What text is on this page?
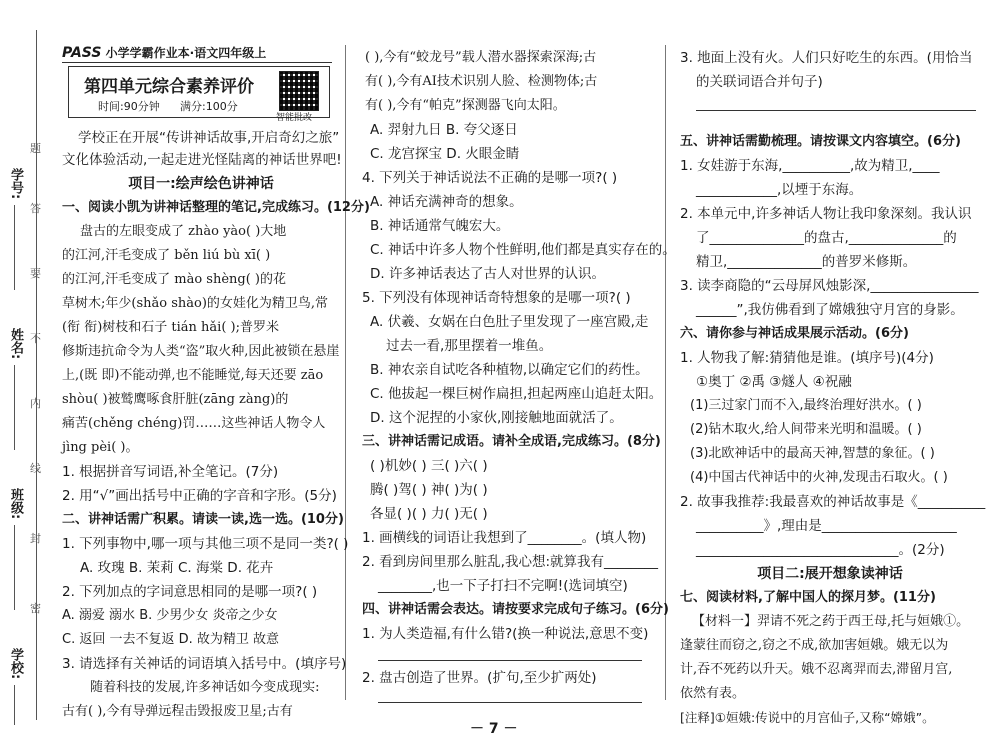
学号:
姓名:
班级:
学校:
题
答
要
不
内
线
封
密
PASS 小学学霸作业本·语文四年级上
第四单元综合素养评价
时间:90分钟 满分:100分
智能批改
学校正在开展“传讲神话故事,开启奇幻之旅”
文化体验活动,一起走进光怪陆离的神话世界吧!
项目一:绘声绘色讲神话
一、阅读小凯为讲神话整理的笔记,完成练习。(12分)
盘古的左眼变成了 zhào yào( )大地
的江河,汗毛变成了 běn liú bù xī( )
的江河,汗毛变成了 mào shèng( )的花
草树木;年少(shǎo shào)的女娃化为精卫鸟,常
(衔 衔)树枝和石子 tián hǎi( );普罗米
修斯违抗命令为人类“盗”取火种,因此被锁在悬崖
上,(既 即)不能动弹,也不能睡觉,每天还要 zāo
shòu( )被鹫鹰啄食肝脏(zāng zàng)的
痛苦(chěng chéng)罚……这些神话人物令人
jìng pèi( )。
1. 根据拼音写词语,补全笔记。(7分)
2. 用“√”画出括号中正确的字音和字形。(5分)
二、讲神话需广积累。请读一读,选一选。(10分)
1. 下列事物中,哪一项与其他三项不是同一类?( )
A. 玫瑰 B. 茉莉 C. 海棠 D. 花卉
2. 下列加点的字词意思相同的是哪一项?( )
A. 溺爱 溺水 B. 少男少女 炎帝之少女
C. 返回 一去不复返 D. 故为精卫 故意
3. 请选择有关神话的词语填入括号中。(填序号)
随着科技的发展,许多神话如今变成现实:
古有( ),今有导弹远程击毁报废卫星;古有
( ),今有“蛟龙号”载人潜水器探索深海;古
有( ),今有AI技术识别人脸、检测物体;古
有( ),今有“帕克”探测器飞向太阳。
A. 羿射九日 B. 夸父逐日
C. 龙宫探宝 D. 火眼金睛
4. 下列关于神话说法不正确的是哪一项?( )
A. 神话充满神奇的想象。
B. 神话通常气魄宏大。
C. 神话中许多人物个性鲜明,他们都是真实存在的。
D. 许多神话表达了古人对世界的认识。
5. 下列没有体现神话奇特想象的是哪一项?( )
A. 伏羲、女娲在白色肚子里发现了一座宫殿,走
过去一看,那里摆着一堆鱼。
B. 神农亲自试吃各种植物,以确定它们的药性。
C. 他拔起一棵巨树作扁担,担起两座山追赶太阳。
D. 这个泥捏的小家伙,刚接触地面就活了。
三、讲神话需记成语。请补全成语,完成练习。(8分)
( )机妙( ) 三( )六( )
腾( )驾( ) 神( )为( )
各显( )( ) 力( )无( )
1. 画横线的词语让我想到了________。(填人物)
2. 看到房间里那么脏乱,我心想:就算我有________
________,也一下子打扫不完啊!(选词填空)
四、讲神话需会表达。请按要求完成句子练习。(6分)
1. 为人类造福,有什么错?(换一种说法,意思不变)
2. 盘古创造了世界。(扩句,至少扩两处)
3. 地面上没有火。人们只好吃生的东西。(用恰当
的关联词语合并句子)
五、讲神话需勤梳理。请按课文内容填空。(6分)
1. 女娃游于东海,__________,故为精卫,____
____________,以堙于东海。
2. 本单元中,许多神话人物让我印象深刻。我认识
了______________的盘古,______________的
精卫,______________的普罗米修斯。
3. 读李商隐的“云母屏风烛影深,________________
______”,我仿佛看到了嫦娥独守月宫的身影。
六、请你参与神话成果展示活动。(6分)
1. 人物我了解:猜猜他是谁。(填序号)(4分)
①奥丁 ②禹 ③燧人 ④祝融
(1)三过家门而不入,最终治理好洪水。( )
(2)钻木取火,给人间带来光明和温暖。( )
(3)北欧神话中的最高天神,智慧的象征。( )
(4)中国古代神话中的火神,发现击石取火。( )
2. 故事我推荐:我最喜欢的神话故事是《__________
__________》,理由是____________________
______________________________。(2分)
项目二:展开想象读神话
七、阅读材料,了解中国人的探月梦。(11分)
【材料一】羿请不死之药于西王母,托与姮娥①。
逢蒙往而窃之,窃之不成,欲加害姮娥。娥无以为
计,吞不死药以升天。娥不忍离羿而去,滞留月宫,
依然有表。
[注释]①姮娥:传说中的月宫仙子,又称“嫦娥”。
－ 7 －
